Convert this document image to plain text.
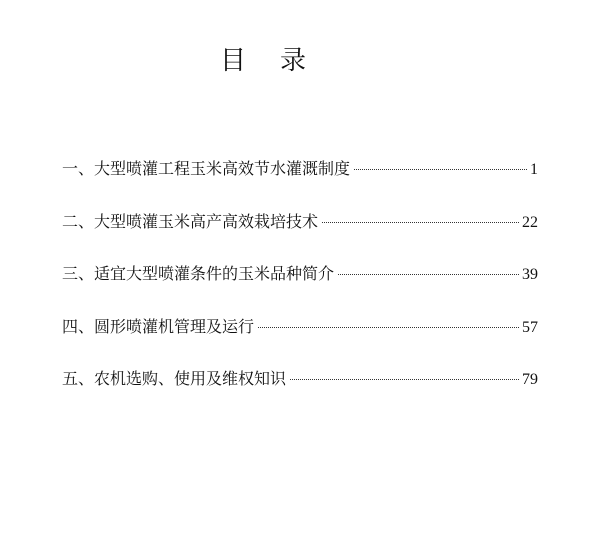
目录
一、大型喷灌工程玉米高效节水灌溉制度	1
二、大型喷灌玉米高产高效栽培技术	22
三、适宜大型喷灌条件的玉米品种简介	39
四、圆形喷灌机管理及运行	57
五、农机选购、使用及维权知识	79
